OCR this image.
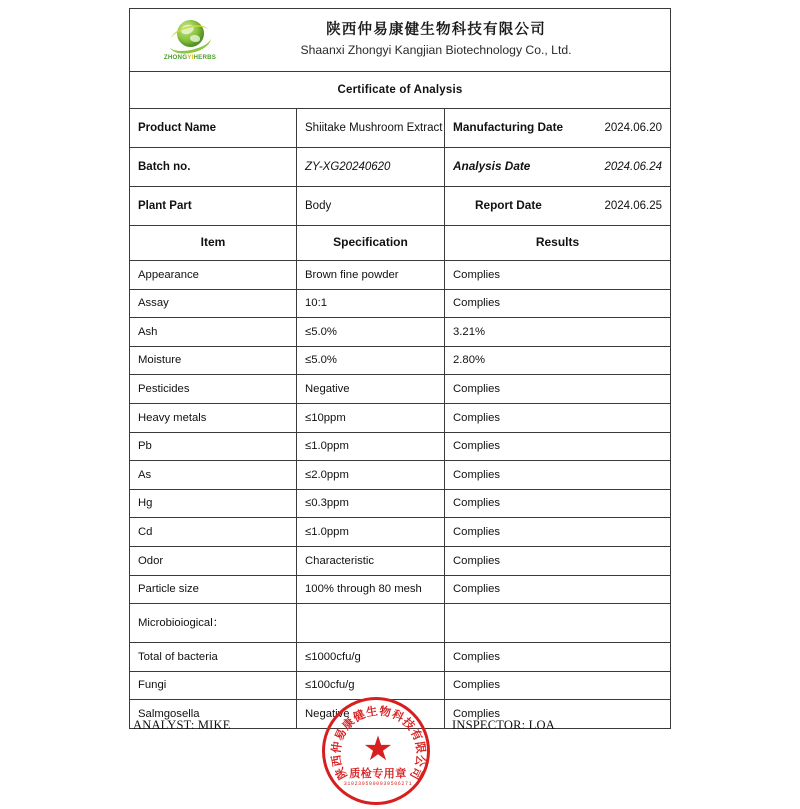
ZHONGYIHERBS
陕西仲易康健生物科技有限公司
Shaanxi Zhongyi Kangjian Biotechnology Co., Ltd.		

Certificate of Analysis		
Product Name	Shiitake Mushroom Extract	Manufacturing Date 2024.06.20

Batch no.	ZY-XG20240620	Analysis Date 2024.06.24

Plant Part	Body	Report Date 2024.06.25

Item	Specification	Results
Appearance	Brown fine powder	Complies
Assay	10:1	Complies
Ash	≤5.0%	3.21%
Moisture	≤5.0%	2.80%
Pesticides	Negative	Complies
Heavy metals	≤10ppm	Complies
Pb	≤1.0ppm	Complies
As	≤2.0ppm	Complies
Hg	≤0.3ppm	Complies
Cd	≤1.0ppm	Complies
Odor	Characteristic	Complies
Particle size	100% through 80 mesh	Complies
Microbioiogical：		
Total of bacteria	≤1000cfu/g	Complies
Fungi	≤100cfu/g	Complies
Salmgosella	Negative	Complies
ANALYST: MIKE	INSPECTOR: LOA
陕
西
仲
易
康
健
生 物
科
技
有
限
公
司
★
质检专用章
3102305000039506271
